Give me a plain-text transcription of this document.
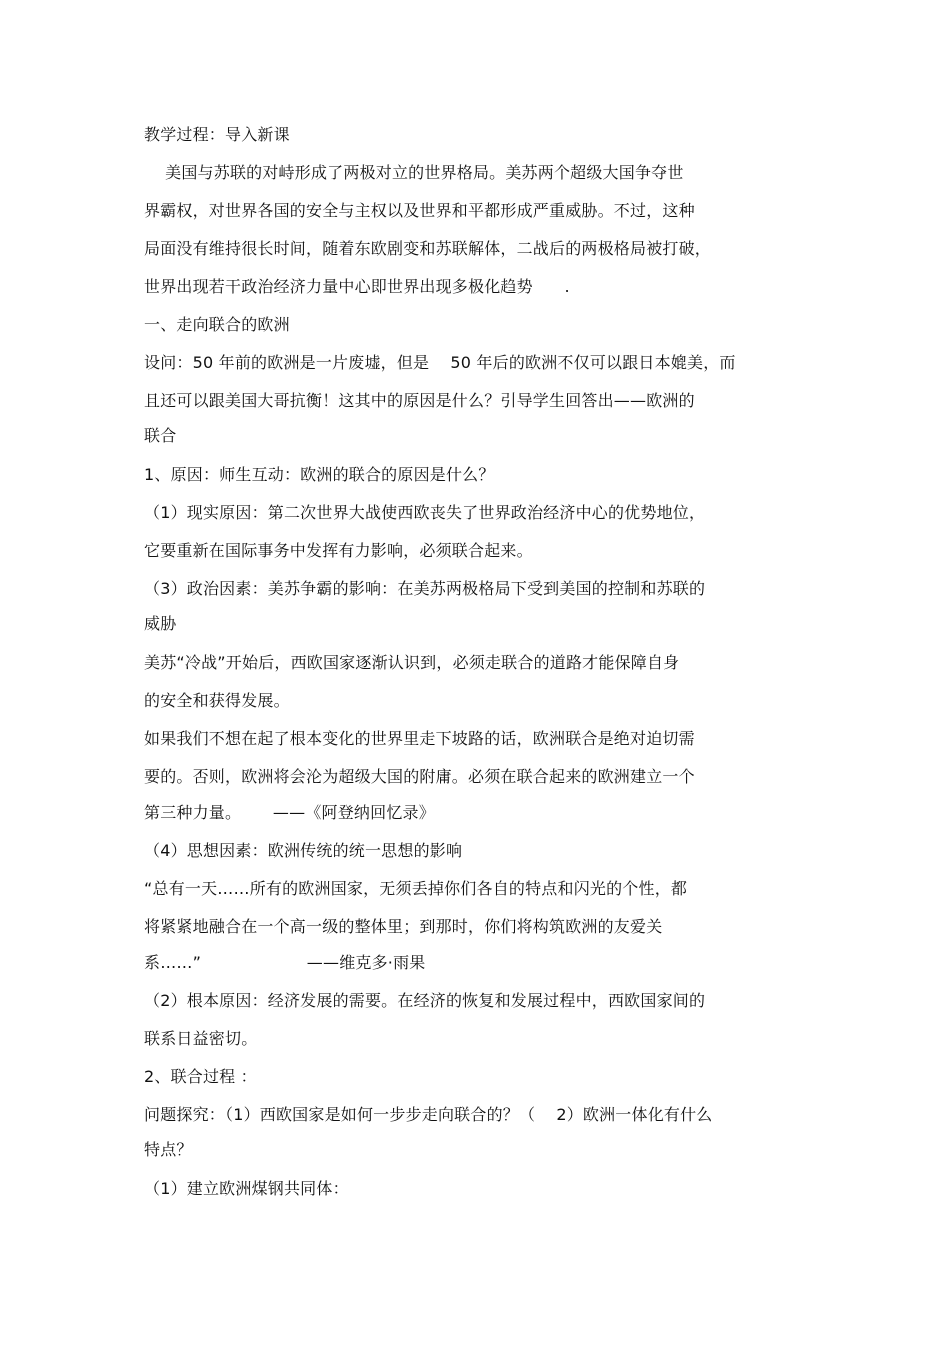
教学过程：导入新课
美国与苏联的对峙形成了两极对立的世界格局。美苏两个超级大国争夺世
界霸权，对世界各国的安全与主权以及世界和平都形成严重威胁。不过，这种
局面没有维持很长时间，随着东欧剧变和苏联解体，二战后的两极格局被打破，
世界出现若干政治经济力量中心即世界出现多极化趋势      .
一、走向联合的欧洲
设问：50 年前的欧洲是一片废墟，但是    50 年后的欧洲不仅可以跟日本媲美，而
且还可以跟美国大哥抗衡！这其中的原因是什么？引导学生回答出——欧洲的
联合
1、原因：师生互动：欧洲的联合的原因是什么？
（1）现实原因：第二次世界大战使西欧丧失了世界政治经济中心的优势地位，
它要重新在国际事务中发挥有力影响，必须联合起来。
（3）政治因素：美苏争霸的影响：在美苏两极格局下受到美国的控制和苏联的
威胁
美苏“冷战”开始后，西欧国家逐渐认识到，必须走联合的道路才能保障自身
的安全和获得发展。
如果我们不想在起了根本变化的世界里走下坡路的话，欧洲联合是绝对迫切需
要的。否则，欧洲将会沦为超级大国的附庸。必须在联合起来的欧洲建立一个
第三种力量。      ——《阿登纳回忆录》
（4）思想因素：欧洲传统的统一思想的影响
“总有一天……所有的欧洲国家，无须丢掉你们各自的特点和闪光的个性，都
将紧紧地融合在一个高一级的整体里；到那时，你们将构筑欧洲的友爱关
系……”                    ——维克多·雨果
（2）根本原因：经济发展的需要。在经济的恢复和发展过程中，西欧国家间的
联系日益密切。
2、联合过程 ：
问题探究：（1）西欧国家是如何一步步走向联合的？（    2）欧洲一体化有什么
特点？
（1）建立欧洲煤钢共同体：
